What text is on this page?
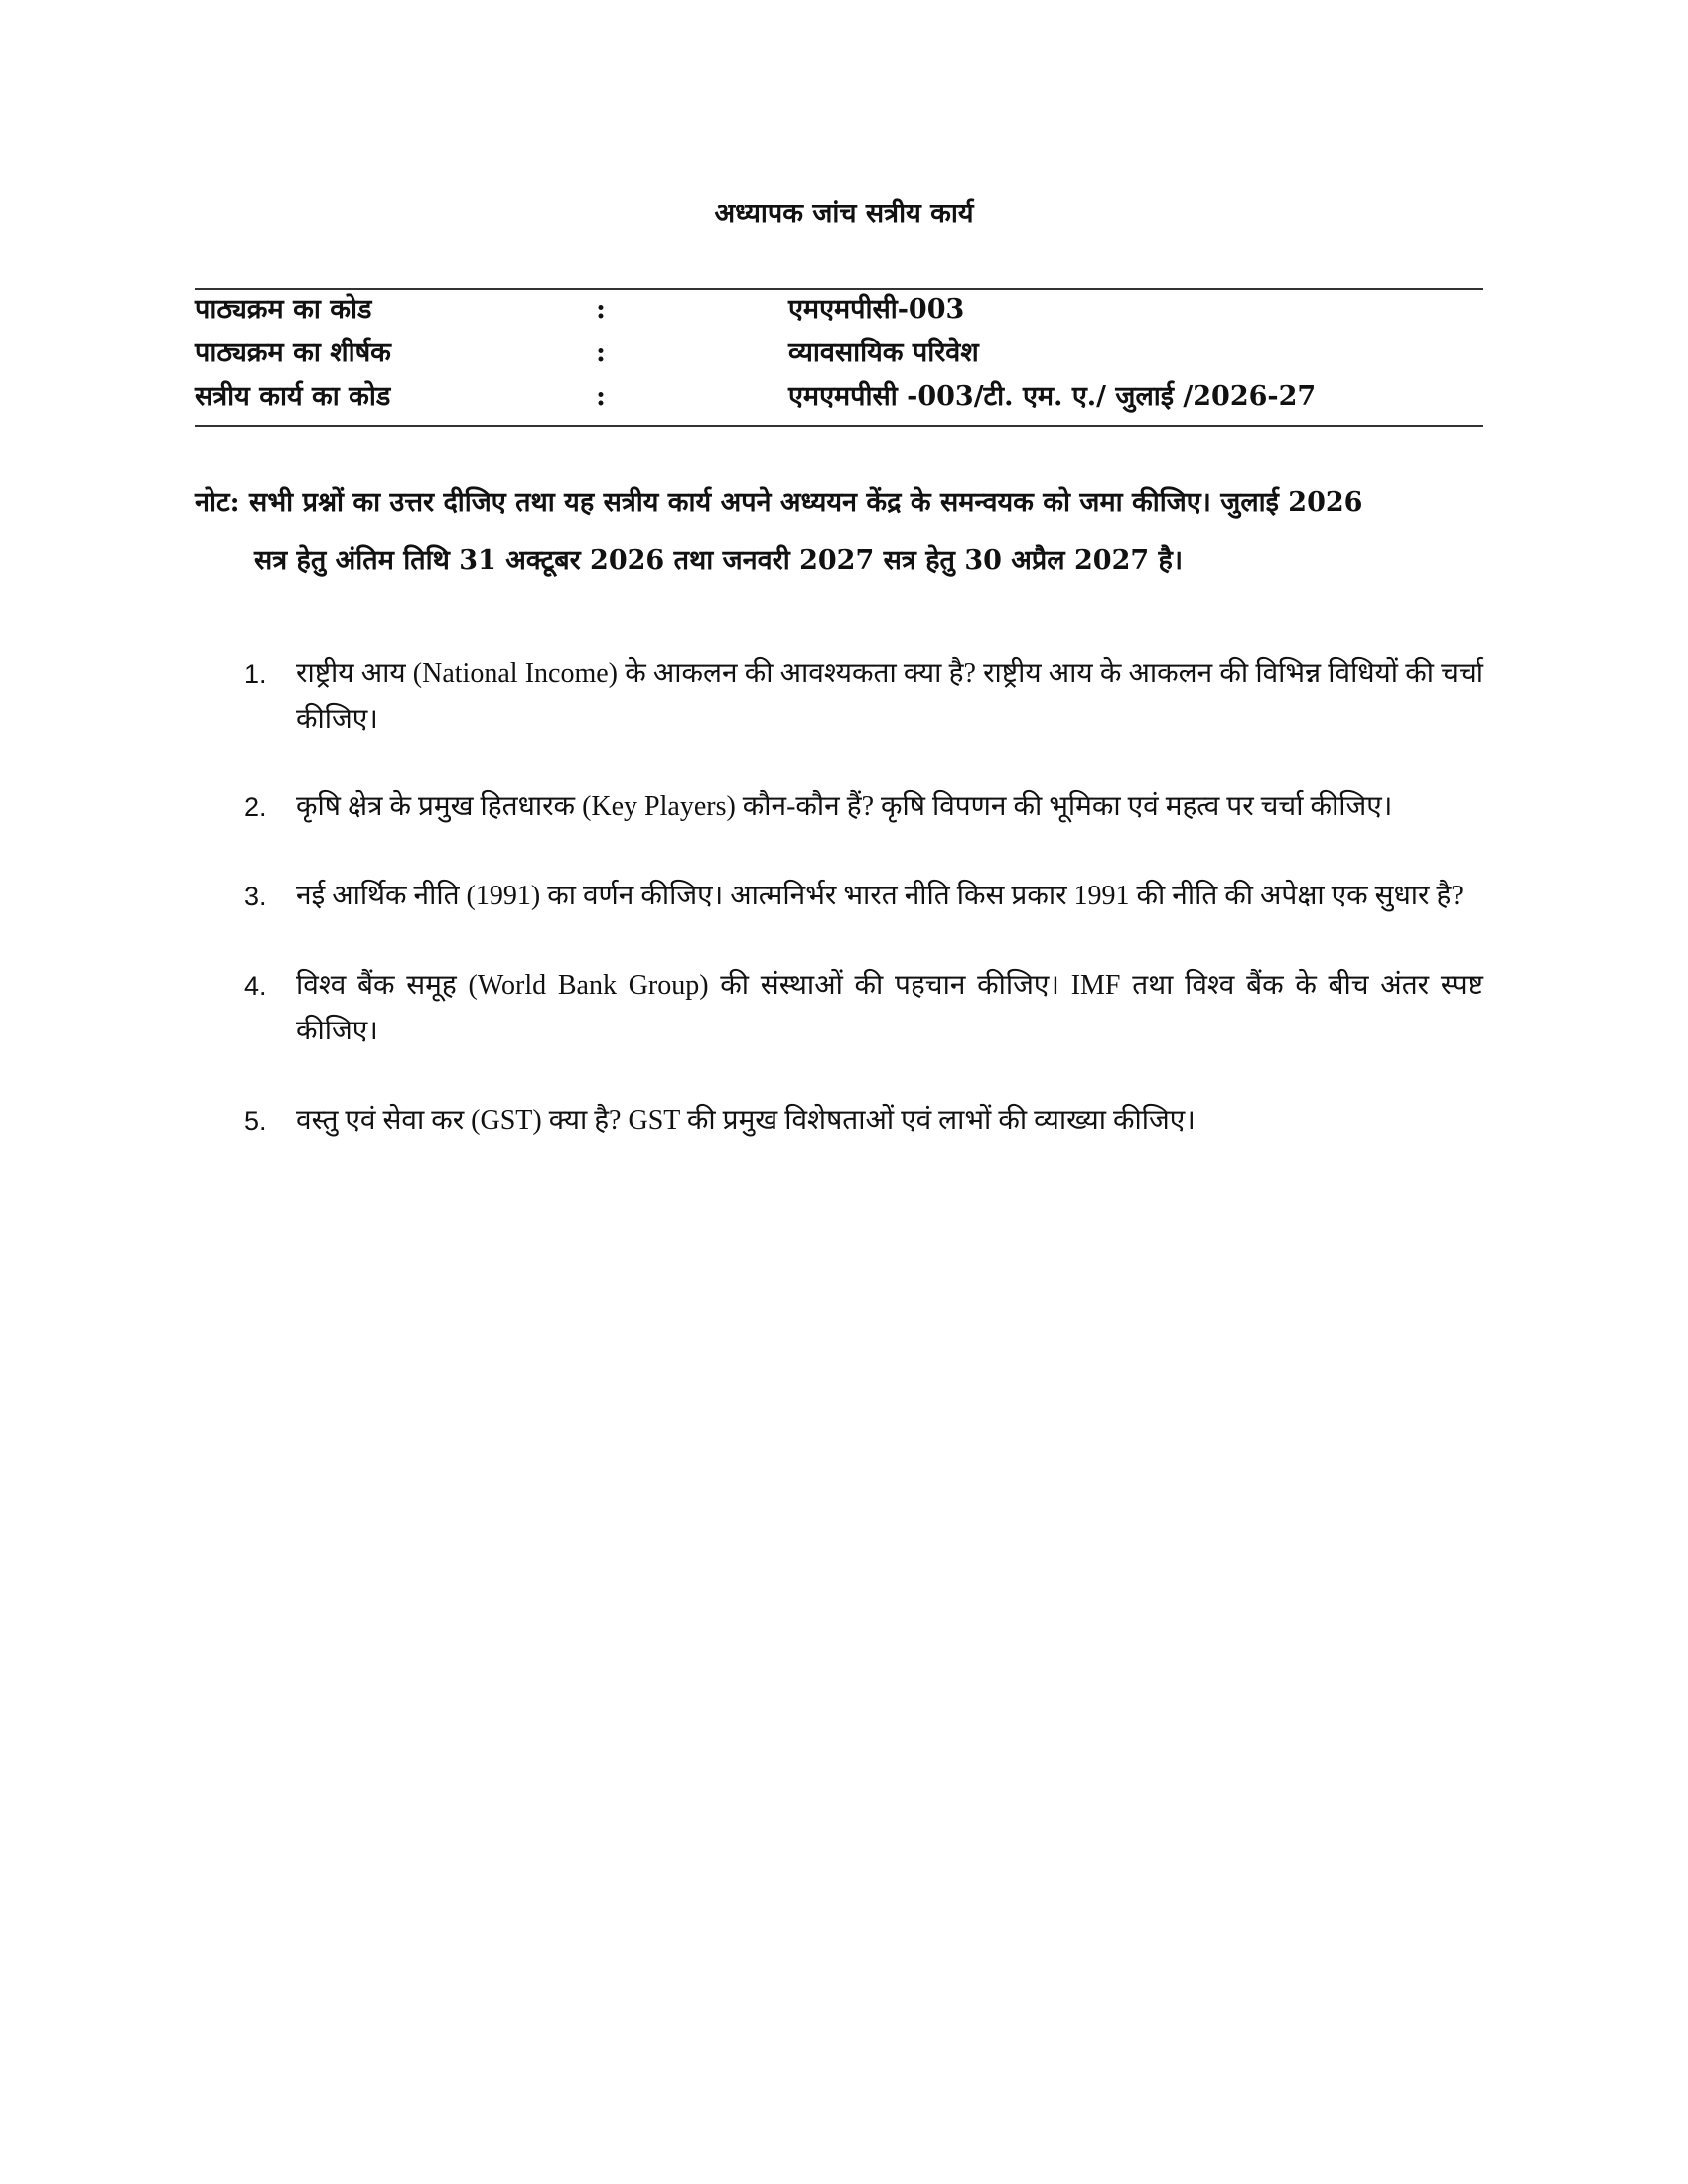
अध्यापक जांच सत्रीय कार्य
पाठ्यक्रम का कोड	:	एमएमपीसी-003
पाठ्यक्रम का शीर्षक	:	व्यावसायिक परिवेश
सत्रीय कार्य का कोड	:	एमएमपीसी -003/टी. एम. ए./ जुलाई /2026-27
नोट: सभी प्रश्नों का उत्तर दीजिए तथा यह सत्रीय कार्य अपने अध्ययन केंद्र के समन्वयक को जमा कीजिए। जुलाई 2026
सत्र हेतु अंतिम तिथि 31 अक्टूबर 2026 तथा जनवरी 2027 सत्र हेतु 30 अप्रैल 2027 है।
1. राष्ट्रीय आय (National Income) के आकलन की आवश्यकता क्या है? राष्ट्रीय आय के आकलन की विभिन्न विधियों की चर्चा कीजिए।
2. कृषि क्षेत्र के प्रमुख हितधारक (Key Players) कौन-कौन हैं? कृषि विपणन की भूमिका एवं महत्व पर चर्चा कीजिए।
3. नई आर्थिक नीति (1991) का वर्णन कीजिए। आत्मनिर्भर भारत नीति किस प्रकार 1991 की नीति की अपेक्षा एक सुधार है?
4. विश्व बैंक समूह (World Bank Group) की संस्थाओं की पहचान कीजिए। IMF तथा विश्व बैंक के बीच अंतर स्पष्ट कीजिए।
5. वस्तु एवं सेवा कर (GST) क्या है? GST की प्रमुख विशेषताओं एवं लाभों की व्याख्या कीजिए।
